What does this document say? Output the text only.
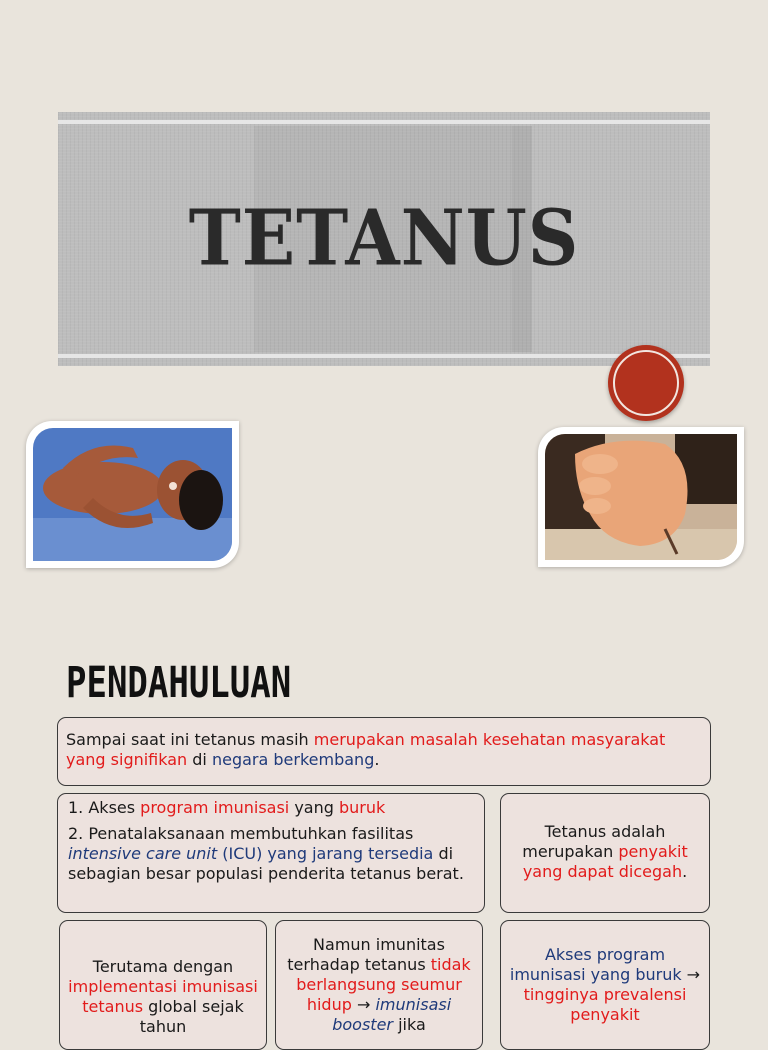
TETANUS
PENDAHULUAN
Sampai saat ini tetanus masih merupakan masalah kesehatan masyarakat yang signifikan di negara berkembang.
1. Akses program imunisasi yang buruk
2. Penatalaksanaan membutuhkan fasilitas intensive care unit (ICU) yang jarang tersedia di sebagian besar populasi penderita tetanus berat.
Tetanus adalah merupakan penyakit yang dapat dicegah.
Terutama dengan implementasi imunisasi tetanus global sejak tahun
Namun imunitas terhadap tetanus tidak berlangsung seumur hidup → imunisasi booster jika
Akses program imunisasi yang buruk → tingginya prevalensi penyakit
